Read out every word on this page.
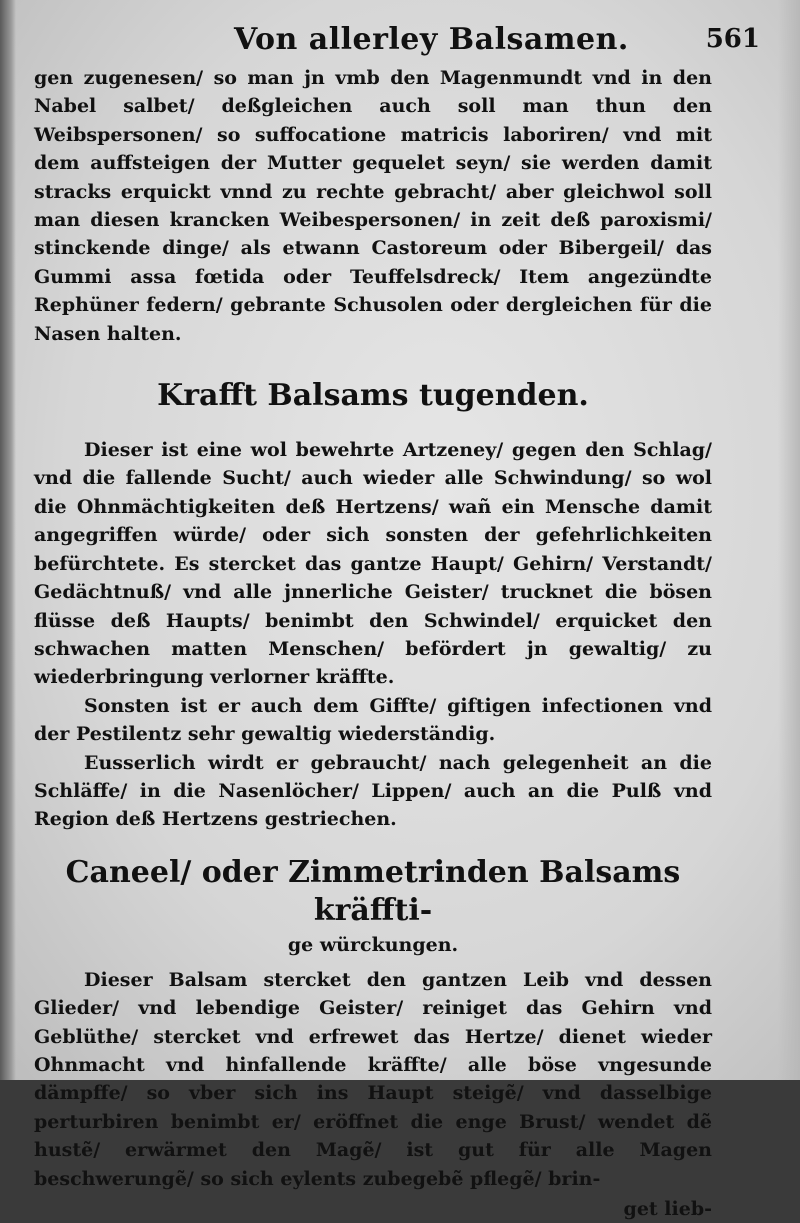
Von allerley Balsamen.	561

gen zugenesen/ so man jn vmb den Magenmundt vnd in den Nabel salbet/ deßgleichen auch soll man thun den Weibspersonen/ so suffocatione matricis laboriren/ vnd mit dem auffsteigen der Mutter gequelet seyn/ sie werden damit stracks erquickt vnnd zu rechte gebracht/ aber gleichwol soll man diesen krancken Weibespersonen/ in zeit deß paroxismi/ stinckende dinge/ als etwann Castoreum oder Bibergeil/ das Gummi assa fœtida oder Teuffelsdreck/ Item angezündte Rephüner federn/ gebrante Schusolen oder dergleichen für die Nasen halten.

Krafft Balsams tugenden.

Dieser ist eine wol bewehrte Artzeney/ gegen den Schlag/ vnd die fallende Sucht/ auch wieder alle Schwindung/ so wol die Ohnmächtigkeiten deß Hertzens/ wañ ein Mensche damit angegriffen würde/ oder sich sonsten der gefehrlichkeiten befürchtete. Es stercket das gantze Haupt/ Gehirn/ Verstandt/ Gedächtnuß/ vnd alle jnnerliche Geister/ trucknet die bösen flüsse deß Haupts/ benimbt den Schwindel/ erquicket den schwachen matten Menschen/ befördert jn gewaltig/ zu wiederbringung verlorner kräffte.

Sonsten ist er auch dem Giffte/ giftigen infectionen vnd der Pestilentz sehr gewaltig wiederständig.

Eusserlich wirdt er gebraucht/ nach gelegenheit an die Schläffe/ in die Nasenlöcher/ Lippen/ auch an die Pulß vnd Region deß Hertzens gestriechen.

Caneel/ oder Zimmetrinden Balsams kräffti-
ge würckungen.

Dieser Balsam stercket den gantzen Leib vnd dessen Glieder/ vnd lebendige Geister/ reiniget das Gehirn vnd Geblüthe/ stercket vnd erfrewet das Hertze/ dienet wieder Ohnmacht vnd hinfallende kräffte/ alle böse vngesunde dämpffe/ so vber sich ins Haupt steigẽ/ vnd dasselbige perturbiren benimbt er/ eröffnet die enge Brust/ wendet dẽ hustẽ/ erwärmet den Magẽ/ ist gut für alle Magen beschwerungẽ/ so sich eylents zubegebẽ pflegẽ/ brin-

get lieb-
